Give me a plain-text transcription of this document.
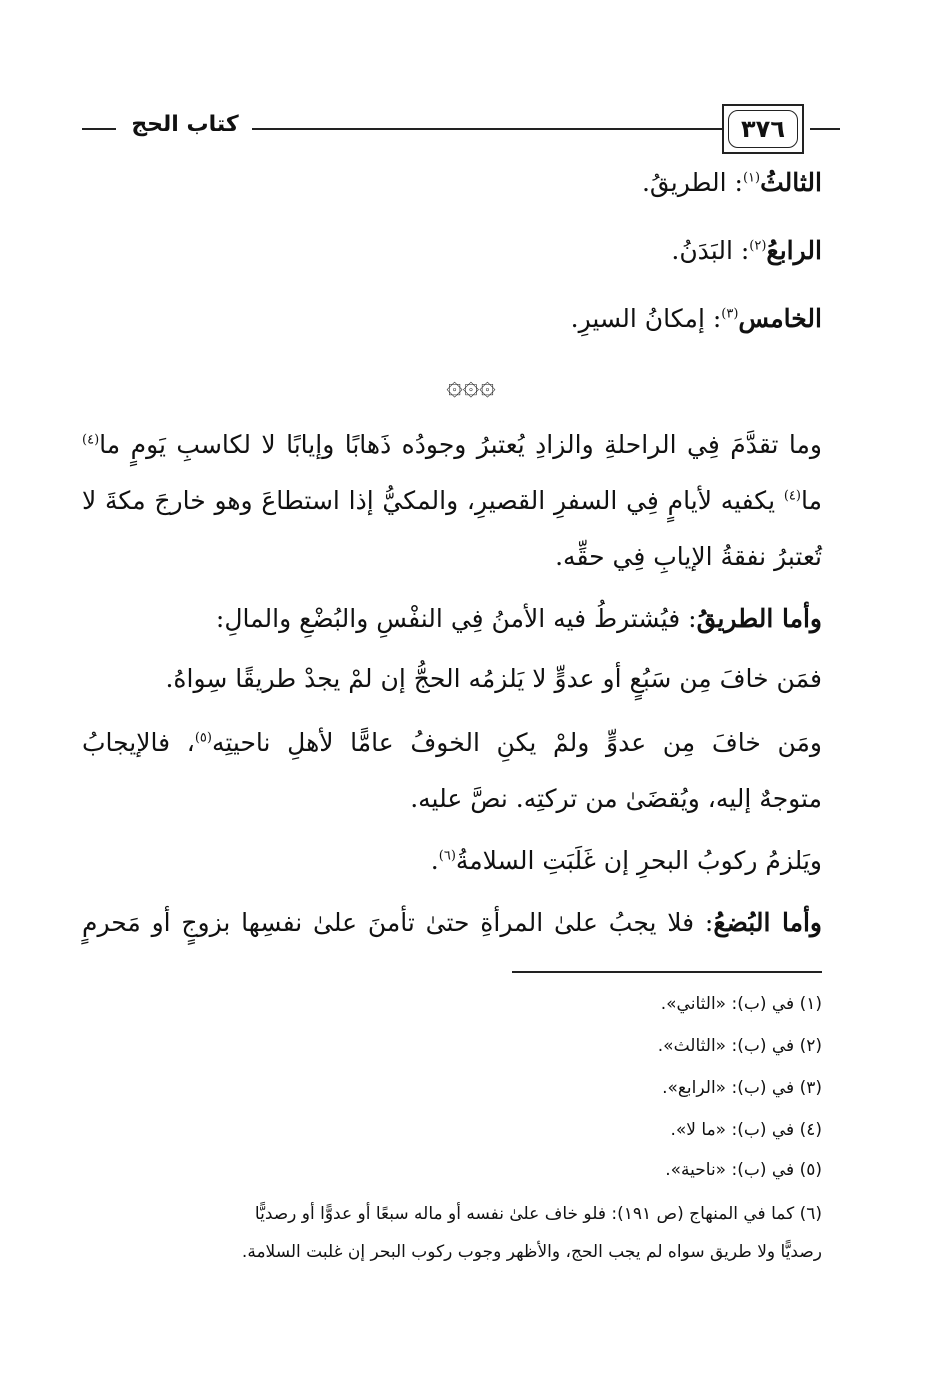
كتاب الحج	٣٧٦
الثالثُ$^{(١)}$: الطريقُ.
الرابعُ$^{(٢)}$: البَدَنُ.
الخامس$^{(٣)}$: إمكانُ السيرِ.
۞۞۞
وما تقدَّمَ فِي الراحلةِ والزادِ يُعتبرُ وجودُه ذَهابًا وإيابًا لا لكاسبِ يَومٍ ما$^{(٤)}$
ما$^{(٤)}$ يكفيه لأيامٍ فِي السفرِ القصيرِ، والمكيُّ إذا استطاعَ وهو خارجَ مكةَ لا
تُعتبرُ نفقةُ الإيابِ فِي حقِّه.
وأما الطريقُ: فيُشترطُ فيه الأمنُ فِي النفْسِ والبُضْعِ والمالِ:
فمَن خافَ مِن سَبُعٍ أو عدوٍّ لا يَلزمُه الحجُّ إن لمْ يجدْ طريقًا سِواهُ.
ومَن خافَ مِن عدوٍّ ولمْ يكنِ الخوفُ عامًّا لأهلِ ناحيتِه$^{(٥)}$، فالإيجابُ
متوجهٌ إليه، ويُقضَىٰ من تركتِه. نصَّ عليه.
ويَلزمُ ركوبُ البحرِ إن غَلَبَتِ السلامةُ$^{(٦)}$.
وأما البُضعُ: فلا يجبُ علىٰ المرأةِ حتىٰ تأمنَ علىٰ نفسِها بزوجٍ أو مَحرمٍ
(١) في (ب): «الثاني».
(٢) في (ب): «الثالث».
(٣) في (ب): «الرابع».
(٤) في (ب): «ما لا».
(٥) في (ب): «ناحية».
(٦) كما في المنهاج (ص ١٩١): فلو خاف علىٰ نفسه أو ماله سبعًا أو عدوًّا أو رصديًّا
رصديًّا ولا طريق سواه لم يجب الحج، والأظهر وجوب ركوب البحر إن غلبت السلامة.
